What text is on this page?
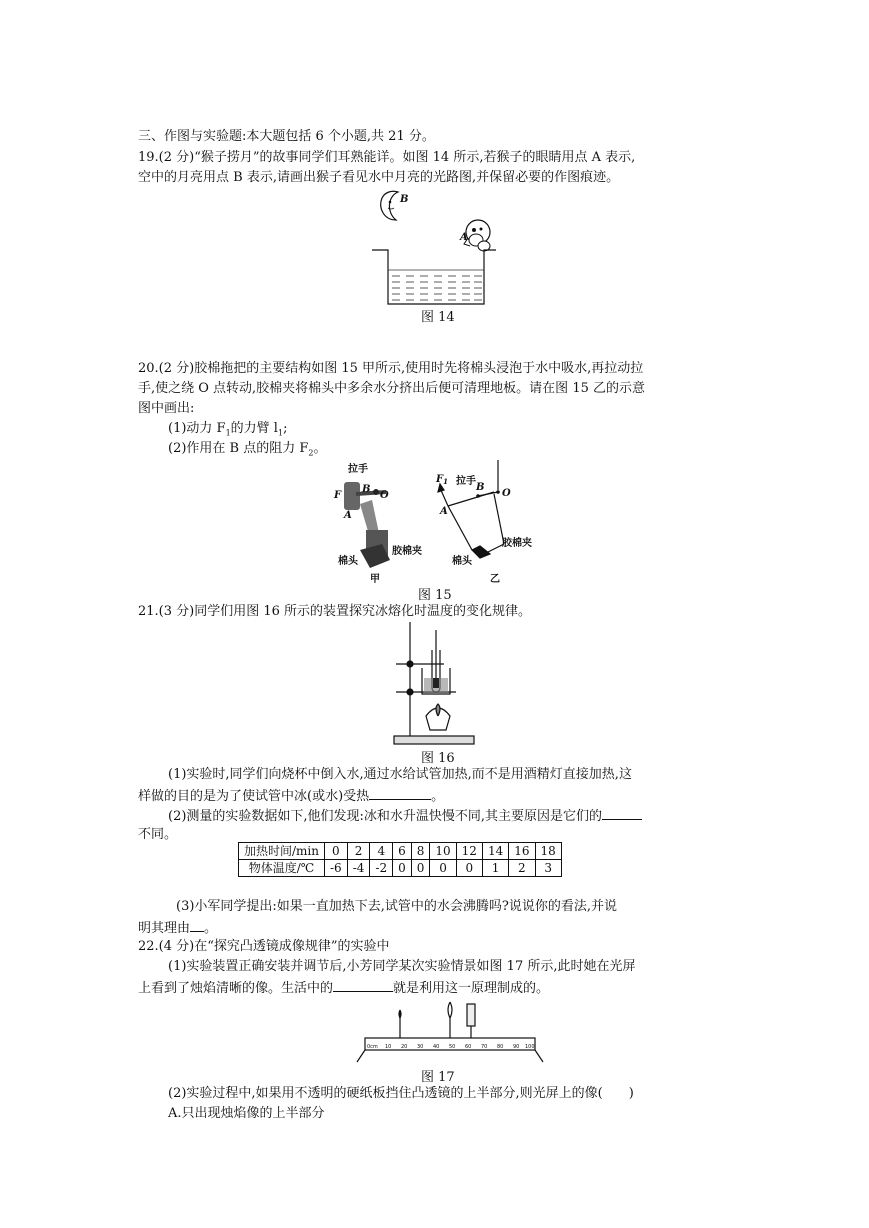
三、作图与实验题:本大题包括 6 个小题,共 21 分。
19.(2 分)“猴子捞月”的故事同学们耳熟能详。如图 14 所示,若猴子的眼睛用点 A 表示,
空中的月亮用点 B 表示,请画出猴子看见水中月亮的光路图,并保留必要的作图痕迹。
B
A
图 14
20.(2 分)胶棉拖把的主要结构如图 15 甲所示,使用时先将棉头浸泡于水中吸水,再拉动拉
手,使之绕 O 点转动,胶棉夹将棉头中多余水分挤出后便可清理地板。请在图 15 乙的示意
图中画出:
(1)动力 $F_1$的力臂 $l_1$;
(2)作用在 B 点的阻力 $F_2$。
拉手
F
B
O
A
胶棉夹
棉头
甲
$F_1$ 拉手
B
O
A
胶棉夹
棉头
乙
图 15
21.(3 分)同学们用图 16 所示的装置探究冰熔化时温度的变化规律。
图 16
(1)实验时,同学们向烧杯中倒入水,通过水给试管加热,而不是用酒精灯直接加热,这
样做的目的是为了使试管中冰(或水)受热	。
(2)测量的实验数据如下,他们发现:冰和水升温快慢不同,其主要原因是它们的
不同。
加热时间/min	0	2	4	6	8	10	12	14	16	18
物体温度/℃	-6	-4	-2	0	0	0	0	1	2	3
(3)小军同学提出:如果一直加热下去,试管中的水会沸腾吗?说说你的看法,并说
明其理由 。
22.(4 分)在“探究凸透镜成像规律”的实验中
(1)实验装置正确安装并调节后,小芳同学某次实验情景如图 17 所示,此时她在光屏
上看到了烛焰清晰的像。生活中的	就是利用这一原理制成的。
0cm 10 20 30 40 50 60 70 80 90 100
图 17
(2)实验过程中,如果用不透明的硬纸板挡住凸透镜的上半部分,则光屏上的像(　　)
A.只出现烛焰像的上半部分
